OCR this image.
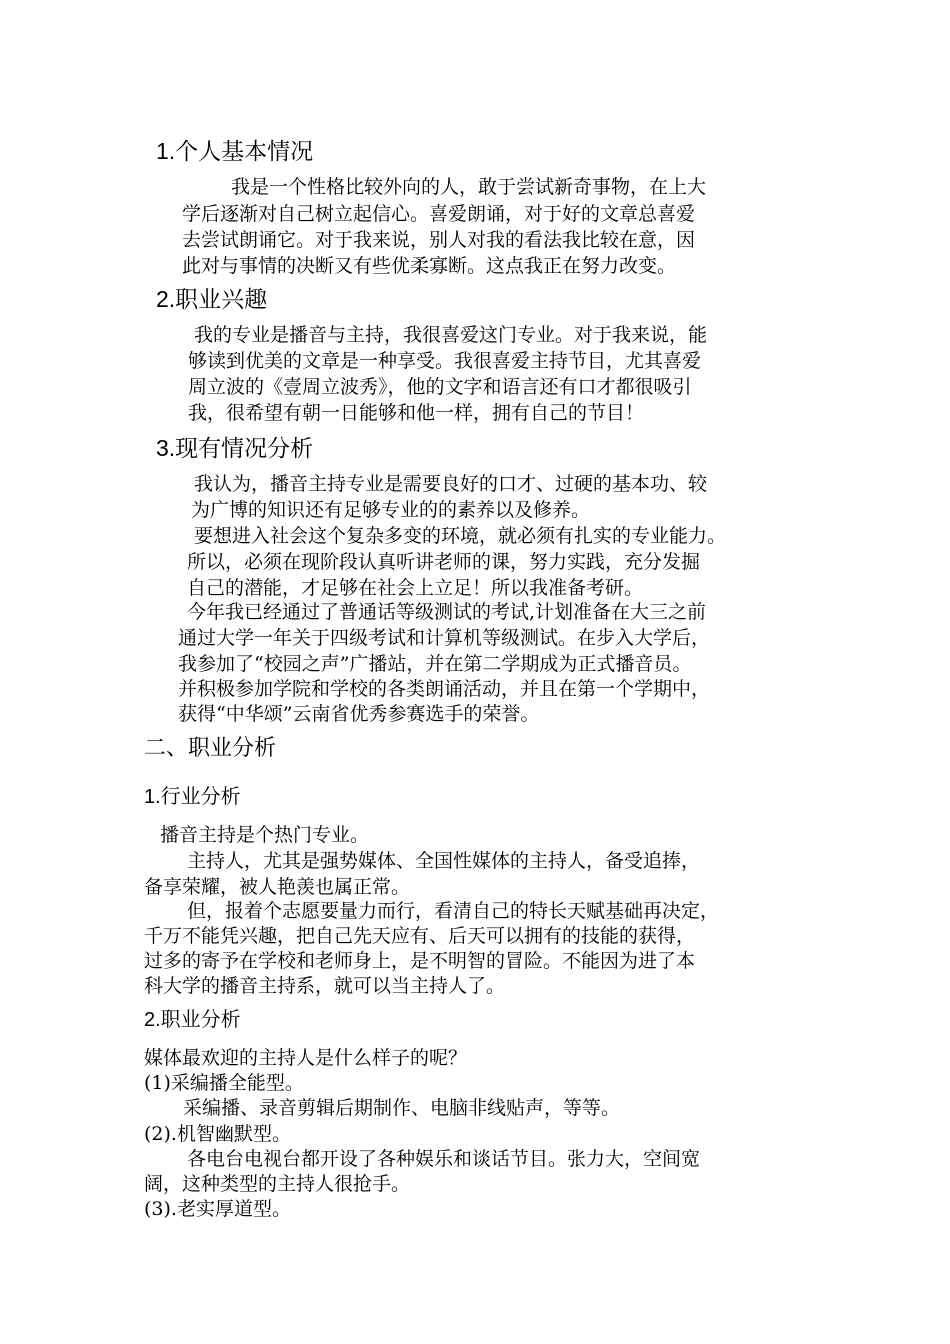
1.个人基本情况
我是一个性格比较外向的人，敢于尝试新奇事物，在上大
学后逐渐对自己树立起信心。喜爱朗诵，对于好的文章总喜爱
去尝试朗诵它。对于我来说，别人对我的看法我比较在意，因
此对与事情的决断又有些优柔寡断。这点我正在努力改变。
2.职业兴趣
我的专业是播音与主持，我很喜爱这门专业。对于我来说，能
够读到优美的文章是一种享受。我很喜爱主持节目，尤其喜爱
周立波的《壹周立波秀》，他的文字和语言还有口才都很吸引
我，很希望有朝一日能够和他一样，拥有自己的节目！
3.现有情况分析
我认为，播音主持专业是需要良好的口才、过硬的基本功、较
为广博的知识还有足够专业的的素养以及修养。
要想进入社会这个复杂多变的环境，就必须有扎实的专业能力。
所以，必须在现阶段认真听讲老师的课，努力实践，充分发掘
自己的潜能，才足够在社会上立足！所以我准备考研。
今年我已经通过了普通话等级测试的考试,计划准备在大三之前
通过大学一年关于四级考试和计算机等级测试。在步入大学后，
我参加了“校园之声”广播站，并在第二学期成为正式播音员。
并积极参加学院和学校的各类朗诵活动，并且在第一个学期中，
获得“中华颂”云南省优秀参赛选手的荣誉。
二、职业分析
1.行业分析
播音主持是个热门专业。
主持人，尤其是强势媒体、全国性媒体的主持人，备受追捧，
备享荣耀，被人艳羡也属正常。
但，报着个志愿要量力而行，看清自己的特长天赋基础再决定，
千万不能凭兴趣，把自己先天应有、后天可以拥有的技能的获得，
过多的寄予在学校和老师身上，是不明智的冒险。不能因为进了本
科大学的播音主持系，就可以当主持人了。
2.职业分析
媒体最欢迎的主持人是什么样子的呢？
(1)采编播全能型。
采编播、录音剪辑后期制作、电脑非线贴声，等等。
(2).机智幽默型。
各电台电视台都开设了各种娱乐和谈话节目。张力大，空间宽
阔，这种类型的主持人很抢手。
(3).老实厚道型。
